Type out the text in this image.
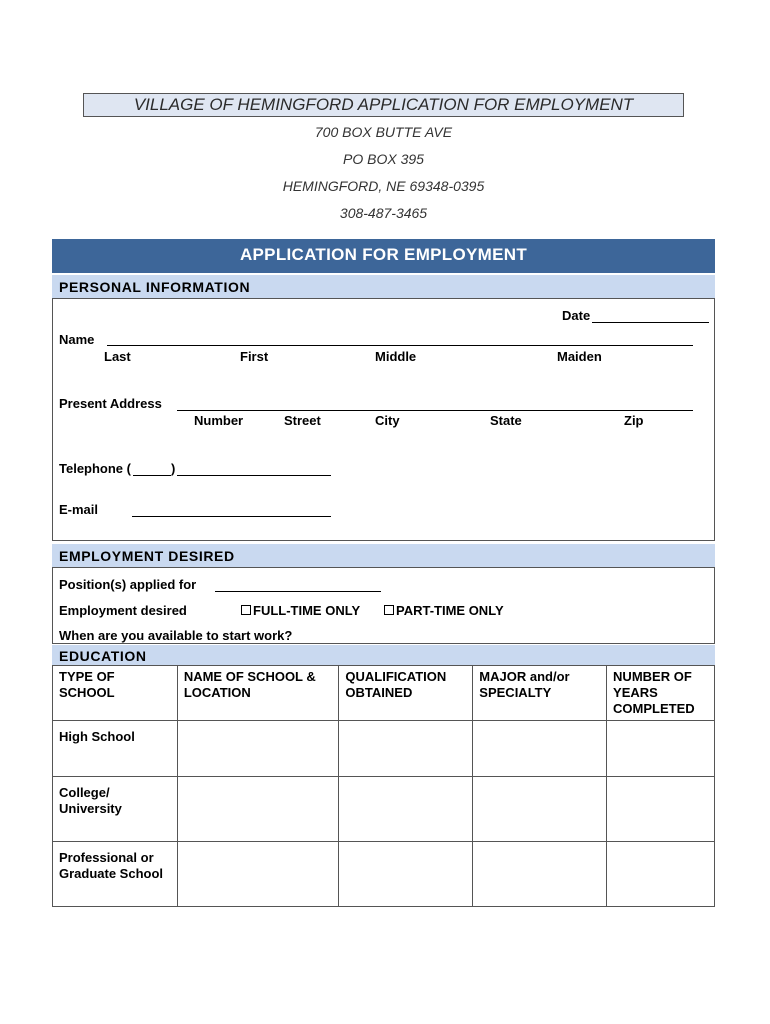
VILLAGE OF HEMINGFORD APPLICATION FOR EMPLOYMENT
700 BOX BUTTE AVE
PO BOX 395
HEMINGFORD, NE 69348-0395
308-487-3465
APPLICATION FOR EMPLOYMENT
PERSONAL INFORMATION
Date
Name
Last	First	Middle	Maiden
Present Address
Number	Street	City	State	Zip
Telephone (	)
E-mail
EMPLOYMENT DESIRED
Position(s) applied for
Employment desired	FULL-TIME ONLY	PART-TIME ONLY
When are you available to start work?
EDUCATION
TYPE OF SCHOOL	NAME OF SCHOOL & LOCATION	QUALIFICATION OBTAINED	MAJOR and/or SPECIALTY	NUMBER OF YEARS COMPLETED
High School				
College/ University				
Professional or Graduate School				
